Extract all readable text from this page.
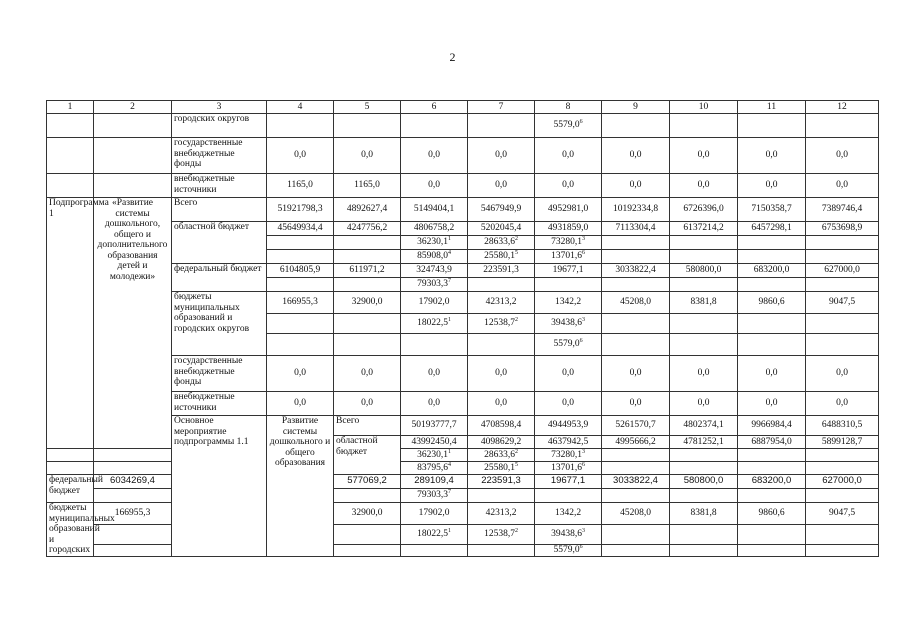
2
1	2	3	4	5	6	7	8	9	10	11	12	
		городских округов					5579,0$^6$				
		государственные внебюджетные фонды	0,0	0,0	0,0	0,0	0,0	0,0	0,0	0,0	0,0	
		внебюджетные источники	1165,0	1165,0	0,0	0,0	0,0	0,0	0,0	0,0	0,0	
Подпрограмма 1	«Развитие системы дошкольного, общего и дополнительного образования детей и молодежи»	Всего	51921798,3	4892627,4	5149404,1	5467949,9	4952981,0	10192334,8	6726396,0	7150358,7	7389746,4	
		областной бюджет	45649934,4	4247756,2	4806758,2	5202045,4	4931859,0	7113304,4	6137214,2	6457298,1	6753698,9	
					36230,1$^1$	28633,6$^2$	73280,1$^3$				
					85908,0$^4$	25580,1$^5$	13701,6$^6$				
		федеральный бюджет	6104805,9	611971,2	324743,9	223591,3	19677,1	3033822,4	580800,0	683200,0	627000,0	
					79303,3$^7$						
		бюджеты муниципальных образований и городских округов	166955,3	32900,0	17902,0	42313,2	1342,2	45208,0	8381,8	9860,6	9047,5	
					18022,5$^1$	12538,7$^2$	39438,6$^3$				
							5579,0$^6$				
		государственные внебюджетные фонды	0,0	0,0	0,0	0,0	0,0	0,0	0,0	0,0	0,0	
		внебюджетные источники	0,0	0,0	0,0	0,0	0,0	0,0	0,0	0,0	0,0	
		Основное мероприятие подпрограммы 1.1	Развитие системы дошкольного и общего образования	Всего	50193777,7	4708598,4	4944953,9	5261570,7	4802374,1	9966984,4	6488310,5		
				областной бюджет	43992450,4	4098629,2	4637942,5	4995666,2	4781252,1	6887954,0	5899128,7		
					36230,1$^1$	28633,6$^2$	73280,1$^3$				
					83795,6$^4$	25580,1$^5$	13701,6$^6$				
федеральный бюджет	6034269,4			577069,2	289109,4	223591,3	19677,1	3033822,4	580800,0	683200,0	627000,0	
					79303,3$^7$						
бюджеты муниципальных образований и городских	166955,3			32900,0	17902,0	42313,2	1342,2	45208,0	8381,8	9860,6	9047,5	
					18022,5$^1$	12538,7$^2$	39438,6$^3$				
							5579,0$^6$				
